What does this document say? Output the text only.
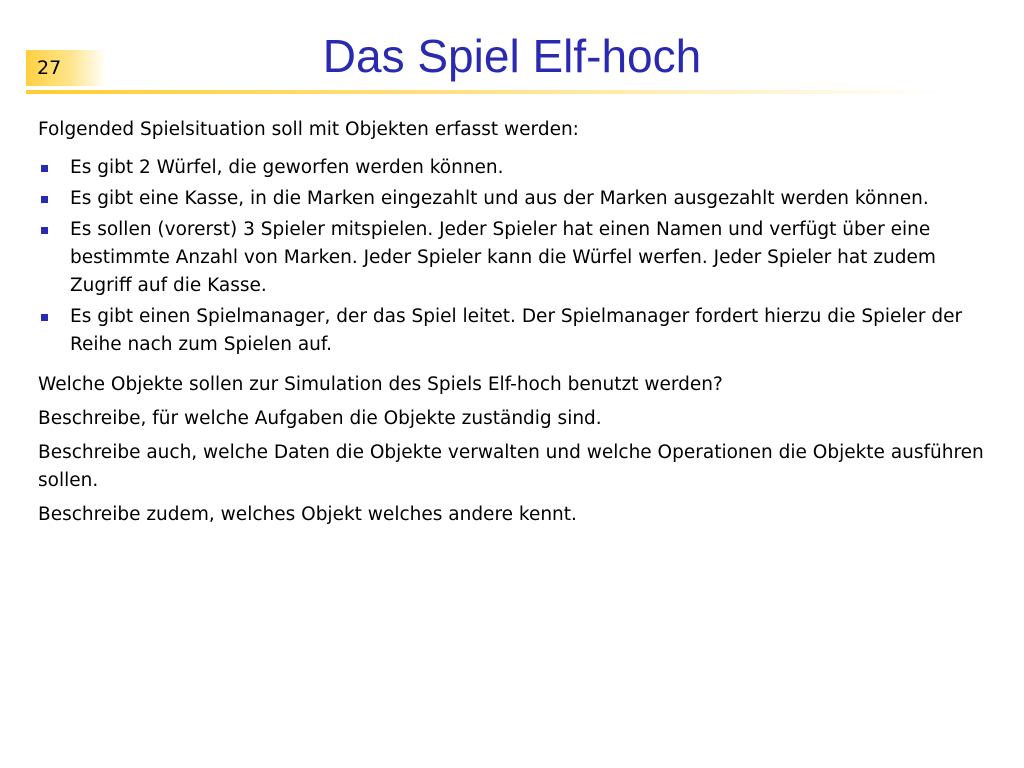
27	Das Spiel Elf-hoch

Folgended Spielsituation soll mit Objekten erfasst werden:

Es gibt 2 Würfel, die geworfen werden können.
Es gibt eine Kasse, in die Marken eingezahlt und aus der Marken ausgezahlt werden können.
Es sollen (vorerst) 3 Spieler mitspielen. Jeder Spieler hat einen Namen und verfügt über eine bestimmte Anzahl von Marken. Jeder Spieler kann die Würfel werfen. Jeder Spieler hat zudem Zugriff auf die Kasse.
Es gibt einen Spielmanager, der das Spiel leitet. Der Spielmanager fordert hierzu die Spieler der Reihe nach zum Spielen auf.

Welche Objekte sollen zur Simulation des Spiels Elf-hoch benutzt werden?

Beschreibe, für welche Aufgaben die Objekte zuständig sind.

Beschreibe auch, welche Daten die Objekte verwalten und welche Operationen die Objekte ausführen sollen.

Beschreibe zudem, welches Objekt welches andere kennt.
